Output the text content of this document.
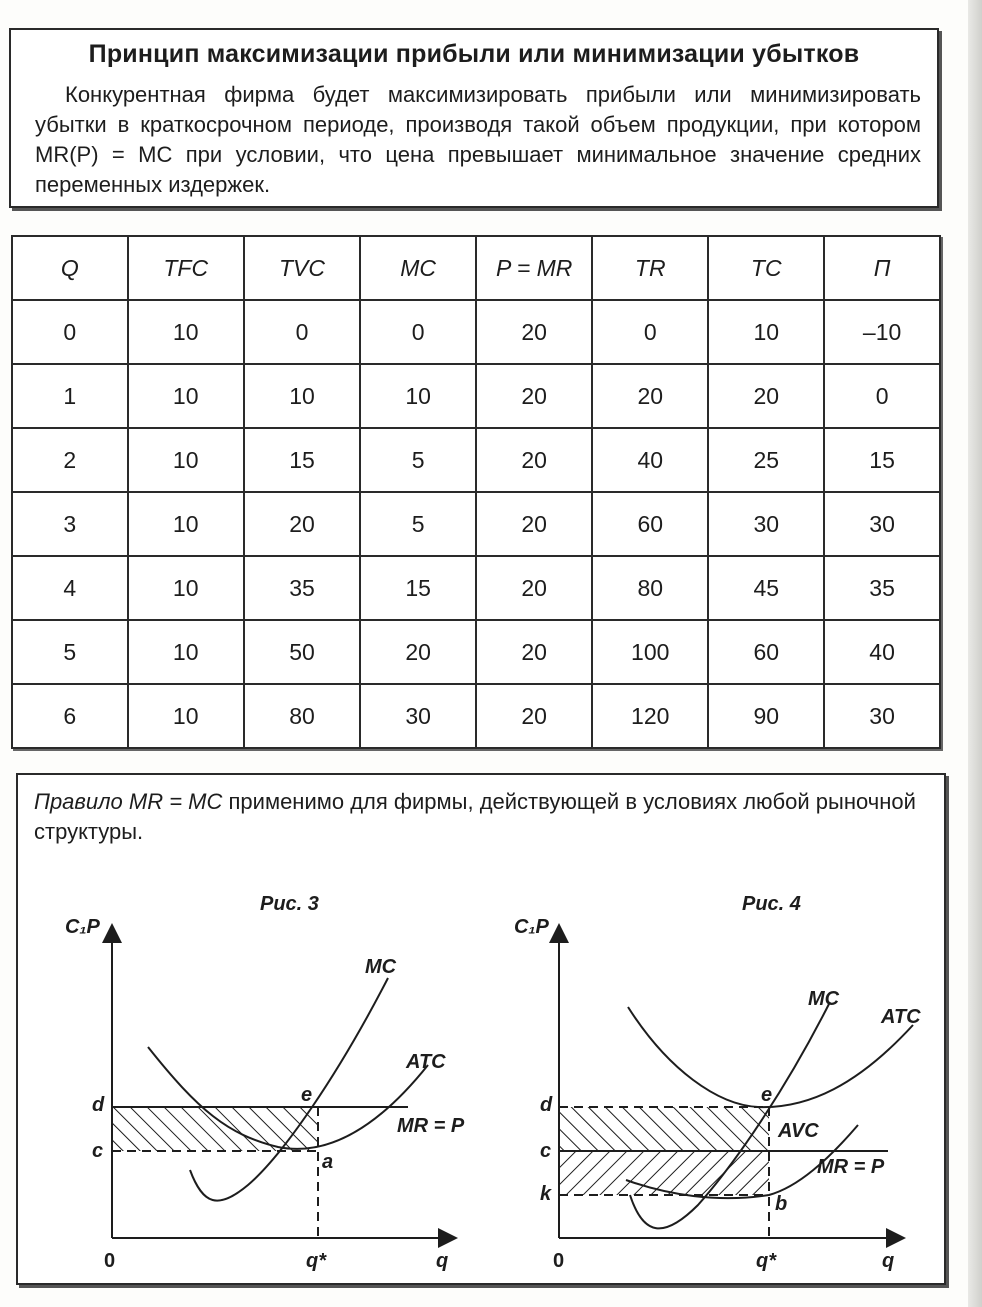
Принцип максимизации прибыли или минимизации убытков
Конкурентная фирма будет максимизировать прибыли или минимизировать убытки в краткосрочном периоде, производя такой объем продукции, при котором MR(P) = MC при условии, что цена превышает минимальное значение средних переменных издержек.
Q	TFC	TVC	MC	P = MR	TR	TC	П
0	10	0	0	20	0	10	–10
1	10	10	10	20	20	20	0
2	10	15	5	20	40	25	15
3	10	20	5	20	60	30	30
4	10	35	15	20	80	45	35
5	10	50	20	20	100	60	40
6	10	80	30	20	120	90	30
Правило MR = MC применимо для фирмы, действующей в условиях любой рыночной структуры.
Рис. 3
C₁P
0	q
MC
ATC
MR = P
d
c
e
a
q*
Рис. 4
C₁P
0	q
MC
ATC
AVC
MR = P
d
c
k
e
b
q*
